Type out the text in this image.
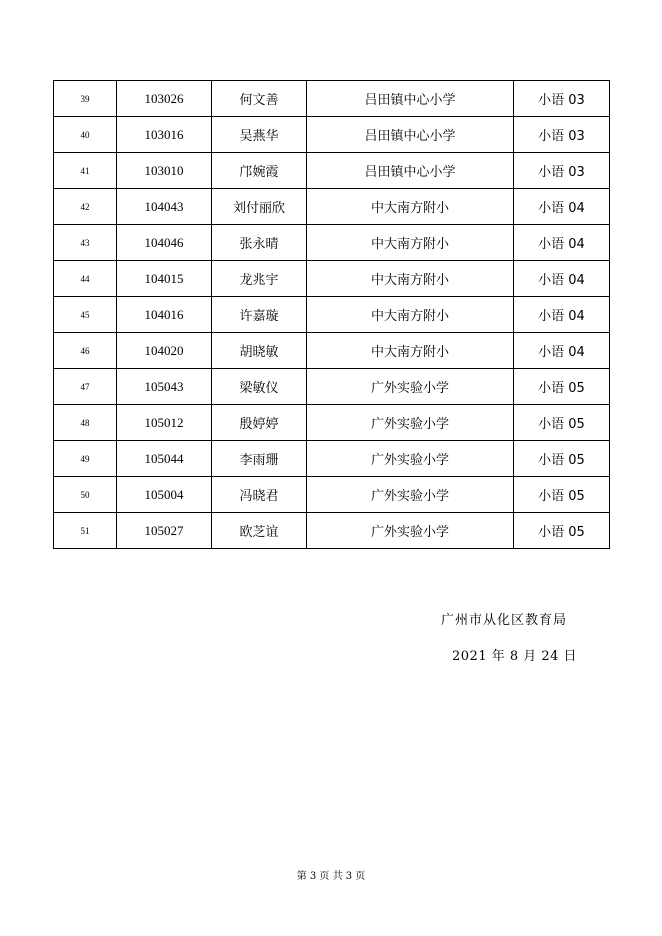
39	103026	何文善	吕田镇中心小学	小语 03
40	103016	吴燕华	吕田镇中心小学	小语 03
41	103010	邝婉霞	吕田镇中心小学	小语 03
42	104043	刘付丽欣	中大南方附小	小语 04
43	104046	张永晴	中大南方附小	小语 04
44	104015	龙兆宇	中大南方附小	小语 04
45	104016	许嘉璇	中大南方附小	小语 04
46	104020	胡晓敏	中大南方附小	小语 04
47	105043	梁敏仪	广外实验小学	小语 05
48	105012	殷婷婷	广外实验小学	小语 05
49	105044	李雨珊	广外实验小学	小语 05
50	105004	冯晓君	广外实验小学	小语 05
51	105027	欧芝谊	广外实验小学	小语 05
广州市从化区教育局
2021 年 8 月 24 日
第 3 页 共 3 页
